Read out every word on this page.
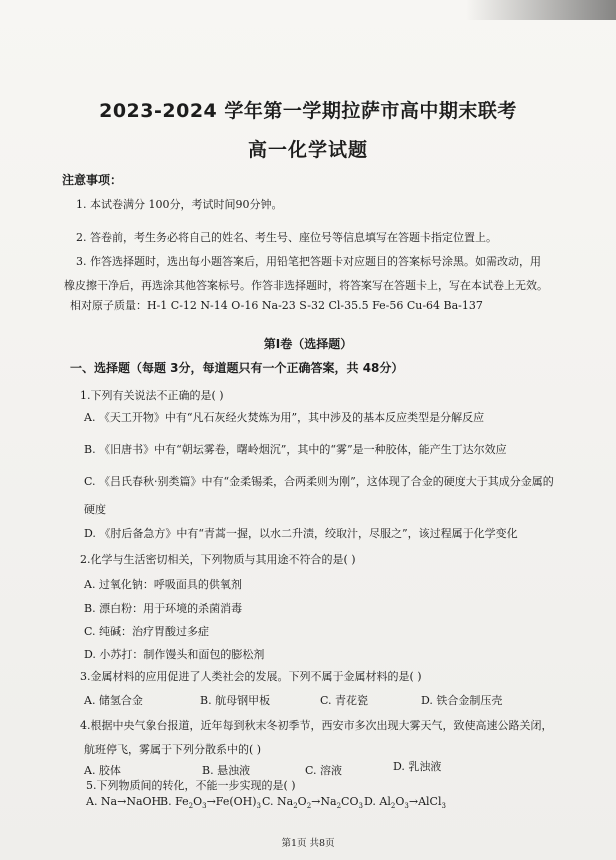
2023-2024 学年第一学期拉萨市高中期末联考
高一化学试题
注意事项：
1. 本试卷满分 100分，考试时间90分钟。
2. 答卷前，考生务必将自己的姓名、考生号、座位号等信息填写在答题卡指定位置上。
3. 作答选择题时，选出每小题答案后，用铅笔把答题卡对应题目的答案标号涂黑。如需改动，用
橡皮擦干净后，再选涂其他答案标号。作答非选择题时，将答案写在答题卡上，写在本试卷上无效。
相对原子质量：H-1 C-12 N-14 O-16 Na-23 S-32 Cl-35.5 Fe-56 Cu-64 Ba-137
第Ⅰ卷（选择题）
一、选择题（每题 3分，每道题只有一个正确答案，共 48分）
1.下列有关说法不正确的是( )
A. 《天工开物》中有“凡石灰经火焚炼为用”，其中涉及的基本反应类型是分解反应
B. 《旧唐书》中有“朝坛雾卷，曙岭烟沉”，其中的“雾”是一种胶体，能产生丁达尔效应
C. 《吕氏春秋·别类篇》中有“金柔锡柔，合两柔则为刚”，这体现了合金的硬度大于其成分金属的
硬度
D. 《肘后备急方》中有“青蒿一握，以水二升渍，绞取汁，尽服之”，该过程属于化学变化
2.化学与生活密切相关，下列物质与其用途不符合的是( )
A. 过氧化钠：呼吸面具的供氧剂
B. 漂白粉：用于环境的杀菌消毒
C. 纯碱：治疗胃酸过多症
D. 小苏打：制作馒头和面包的膨松剂
3.金属材料的应用促进了人类社会的发展。下列不属于金属材料的是( )
A. 储氢合金	B. 航母钢甲板	C. 青花瓷	D. 铁合金制压壳
4.根据中央气象台报道，近年每到秋末冬初季节，西安市多次出现大雾天气，致使高速公路关闭，
航班停飞，雾属于下列分散系中的( )
A. 胶体	B. 悬浊液	C. 溶液	D. 乳浊液
5.下列物质间的转化，不能一步实现的是( )
A. Na→NaOH
B. $Fe_2O_3\to Fe(OH)_3$ C. $Na_2O_2\to Na_2CO_3$ D. $Al_2O_3\to AlCl_3$
第1页 共8页
